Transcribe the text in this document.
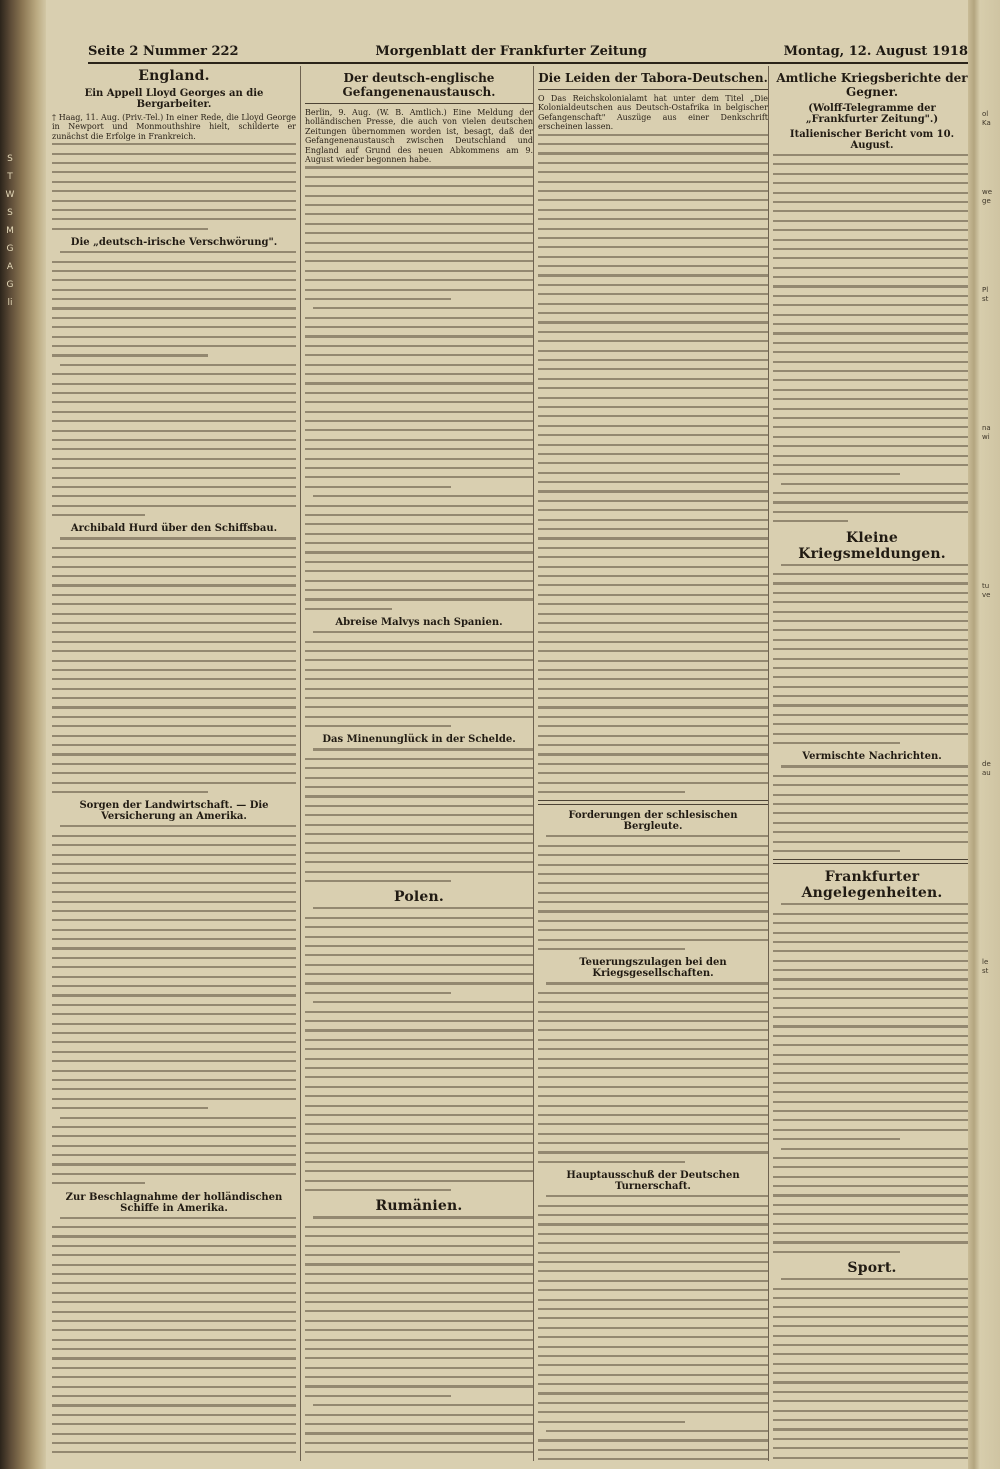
S
T
W
S
M
G
A
G
li
Seite 2 Nummer 222	Morgenblatt der Frankfurter Zeitung	Montag, 12. August 1918
England.
Ein Appell Lloyd Georges an die Bergarbeiter.

† Haag, 11. Aug. (Priv.-Tel.) In einer Rede, die Lloyd George in Newport und Monmouthshire hielt, schilderte er zunächst die Erfolge in Frankreich.

Die „deutsch-irische Verschwörung".
Archibald Hurd über den Schiffsbau.
Sorgen der Landwirtschaft. — Die Versicherung an Amerika.
Zur Beschlagnahme der holländischen Schiffe in Amerika.
Der deutsch-englische Gefangenenaustausch.

Berlin, 9. Aug. (W. B. Amtlich.) Eine Meldung der holländischen Presse, die auch von vielen deutschen Zeitungen übernommen worden ist, besagt, daß der Gefangenenaustausch zwischen Deutschland und England auf Grund des neuen Abkommens am 9. August wieder begonnen habe.

Abreise Malvys nach Spanien.
Das Minenunglück in der Schelde.
Polen.
Rumänien.
Die Leiden der Tabora-Deutschen.

O Das Reichskolonialamt hat unter dem Titel „Die Kolonialdeutschen aus Deutsch-Ostafrika in belgischer Gefangenschaft" Auszüge aus einer Denkschrift erscheinen lassen.

Forderungen der schlesischen Bergleute.
Teuerungszulagen bei den Kriegsgesellschaften.
Hauptausschuß der Deutschen Turnerschaft.
Amtliche Kriegsberichte der Gegner.
(Wolff-Telegramme der „Frankfurter Zeitung".)
Italienischer Bericht vom 10. August.
Kleine Kriegsmeldungen.
Vermischte Nachrichten.
Frankfurter Angelegenheiten.
Sport.
ol
Ka
we
ge
Pl
st
na
wi
tu
ve
de
au
le
st
